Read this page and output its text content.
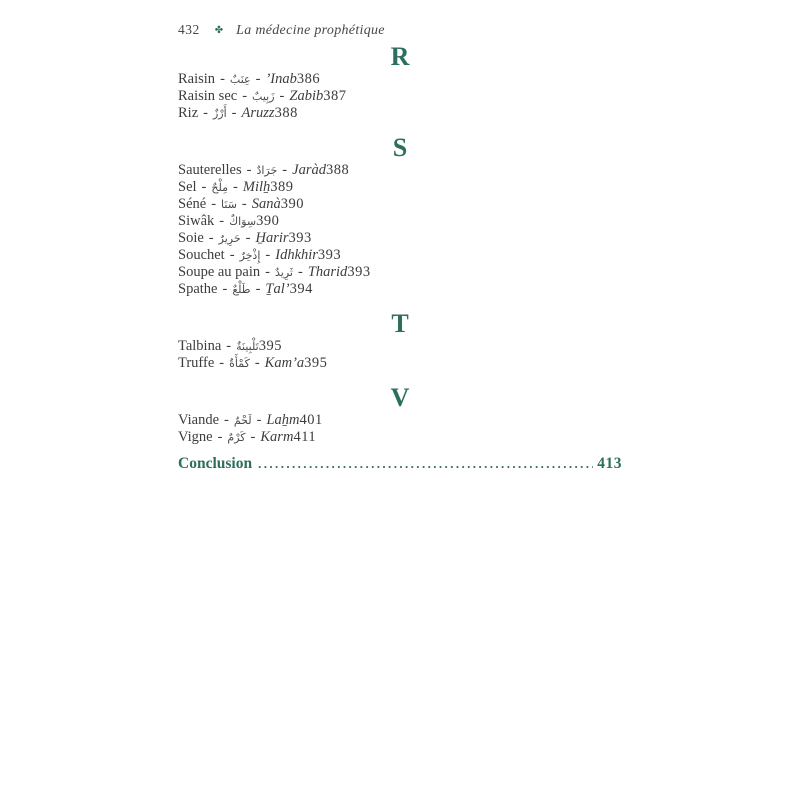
432 ✤ La médecine prophétique
R
Raisin - عِنَبٌ - ’Inab 386
Raisin sec - زَبِيبٌ - Zabib 387
Riz - أَرْزٌ - Aruzz 388
S
Sauterelles - جَرَادٌ - Jaràd 388
Sel - مِلْحٌ - Milẖ 389
Séné - سَنَا - Sanà 390
Siwâk - سِوَاكٌ 390
Soie - حَرِيرٌ - H̱arir 393
Souchet - إِذْخِرٌ - Idhkhir 393
Soupe au pain - ثَرِيدٌ - Tharid 393
Spathe - طَلْعٌ - Ṯal’ 394
T
Talbina - تَلْبِينَةٌ 395
Truffe - كَمْأَةٌ - Kam’a 395
V
Viande - لَحْمٌ - Laẖm 401
Vigne - كَرْمٌ - Karm 411
Conclusion .....	413
